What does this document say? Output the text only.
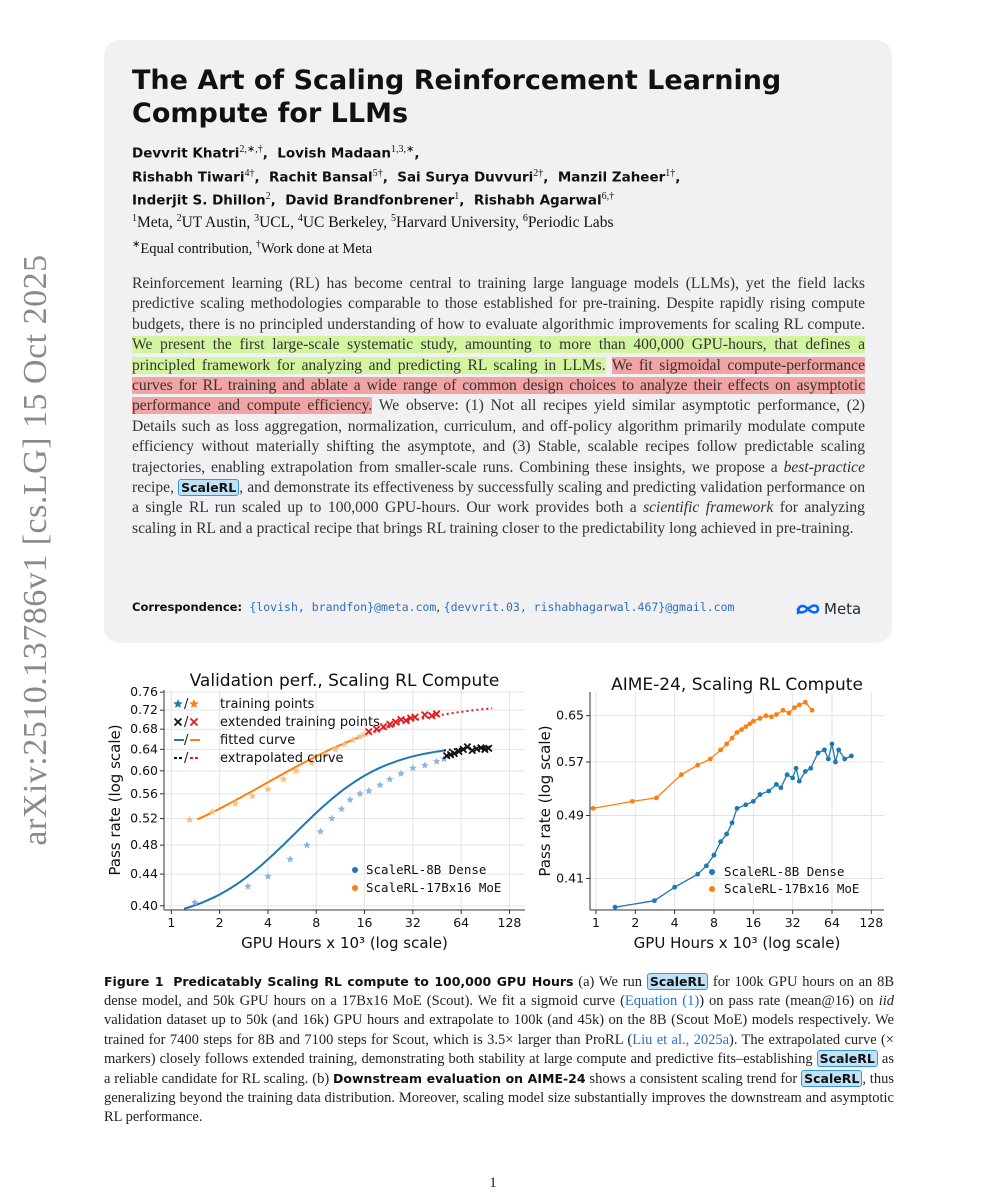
arXiv:2510.13786v1 [cs.LG] 15 Oct 2025
The Art of Scaling Reinforcement Learning Compute for LLMs
Devvrit Khatri$^{2,∗,\dagger}$,  Lovish Madaan$^{1,3,∗}$,
Rishabh Tiwari$^{4\dagger}$,  Rachit Bansal$^{5\dagger}$,  Sai Surya Duvvuri$^{2\dagger}$,  Manzil Zaheer$^{1\dagger}$,
Inderjit S. Dhillon$^2$,  David Brandfonbrener$^1$,  Rishabh Agarwal$^{6,\dagger}$
$^1$Meta, $^2$UT Austin, $^3$UCL, $^4$UC Berkeley, $^5$Harvard University, $^6$Periodic Labs
∗Equal contribution, †Work done at Meta
Reinforcement learning (RL) has become central to training large language models (LLMs), yet the field lacks predictive scaling methodologies comparable to those established for pre-training. Despite rapidly rising compute budgets, there is no principled understanding of how to evaluate algorithmic improvements for scaling RL compute. We present the first large-scale systematic study, amounting to more than 400,000 GPU-hours, that defines a principled framework for analyzing and predicting RL scaling in LLMs. We fit sigmoidal compute-performance curves for RL training and ablate a wide range of common design choices to analyze their effects on asymptotic performance and compute efficiency. We observe: (1) Not all recipes yield similar asymptotic performance, (2) Details such as loss aggregation, normalization, curriculum, and off-policy algorithm primarily modulate compute efficiency without materially shifting the asymptote, and (3) Stable, scalable recipes follow predictable scaling trajectories, enabling extrapolation from smaller-scale runs. Combining these insights, we propose a best-practice recipe, ScaleRL , and demonstrate its effectiveness by successfully scaling and predicting validation performance on a single RL run scaled up to 100,000 GPU-hours. Our work provides both a scientific framework for analyzing scaling in RL and a practical recipe that brings RL training closer to the predictability long achieved in pre-training.
Correspondence: {lovish, brandfon}@meta.com, {devvrit.03, rishabhagarwal.467}@gmail.com	Meta
Validation perf., Scaling RL Compute
0.40
0.44
0.48
0.52
0.56
0.60
0.64
0.68
0.72
0.76
1	2	4	8	16	32	64 128
GPU Hours x 10³ (log scale)
Pass rate (log scale)
/ training points
/ extended training points
/ fitted curve
/ extrapolated curve
ScaleRL-8B Dense
ScaleRL-17Bx16 MoE
AIME-24, Scaling RL Compute
0.41
0.49
0.57
0.65
1	2	4	8 16 32 64 128
GPU Hours x 10³ (log scale)
Pass rate (log scale)	ScaleRL-8B Dense
ScaleRL-17Bx16 MoE
Figure 1 Predicatably Scaling RL compute to 100,000 GPU Hours (a) We run ScaleRL for 100k GPU hours on an 8B dense model, and 50k GPU hours on a 17Bx16 MoE (Scout). We fit a sigmoid curve (Equation (1)) on pass rate (mean@16) on iid validation dataset up to 50k (and 16k) GPU hours and extrapolate to 100k (and 45k) on the 8B (Scout MoE) models respectively. We trained for 7400 steps for 8B and 7100 steps for Scout, which is 3.5× larger than ProRL (Liu et al., 2025a). The extrapolated curve (× markers) closely follows extended training, demonstrating both stability at large compute and predictive fits–establishing ScaleRL as a reliable candidate for RL scaling. (b) Downstream evaluation on AIME-24 shows a consistent scaling trend for ScaleRL , thus generalizing beyond the training data distribution. Moreover, scaling model size substantially improves the downstream and asymptotic RL performance.
1
